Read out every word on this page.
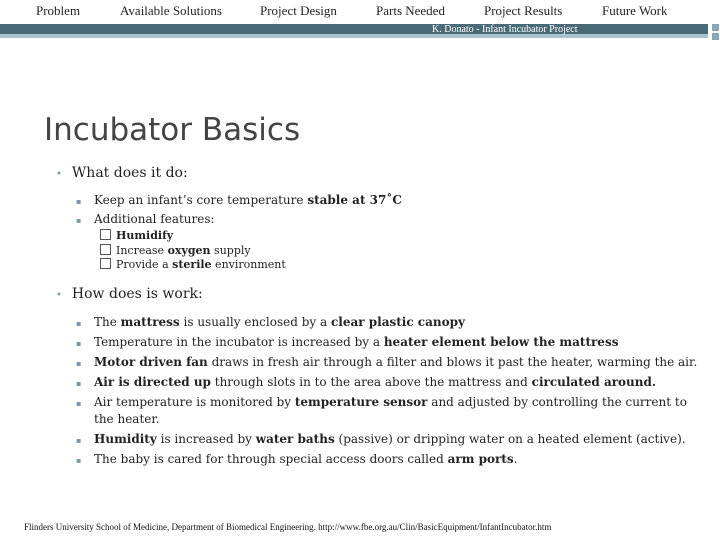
Problem	Available Solutions	Project Design	Parts Needed	Project Results	Future Work
K. Donato - Infant Incubator Project
Incubator Basics
• What does it do:
▪ Keep an infant’s core temperature stable at 37˚C
▪ Additional features:
Humidify
Increase oxygen supply
Provide a sterile environment
• How does is work:
▪ The mattress is usually enclosed by a clear plastic canopy
▪ Temperature in the incubator is increased by a heater element below the mattress
▪ Motor driven fan draws in fresh air through a filter and blows it past the heater, warming the air.
▪ Air is directed up through slots in to the area above the mattress and circulated around.
▪ Air temperature is monitored by temperature sensor and adjusted by controlling the current to
the heater.
▪ Humidity is increased by water baths (passive) or dripping water on a heated element (active).
▪ The baby is cared for through special access doors called arm ports.
Flinders University School of Medicine, Department of Biomedical Engineering. http://www.fbe.org.au/Clin/BasicEquipment/InfantIncubator.htm
